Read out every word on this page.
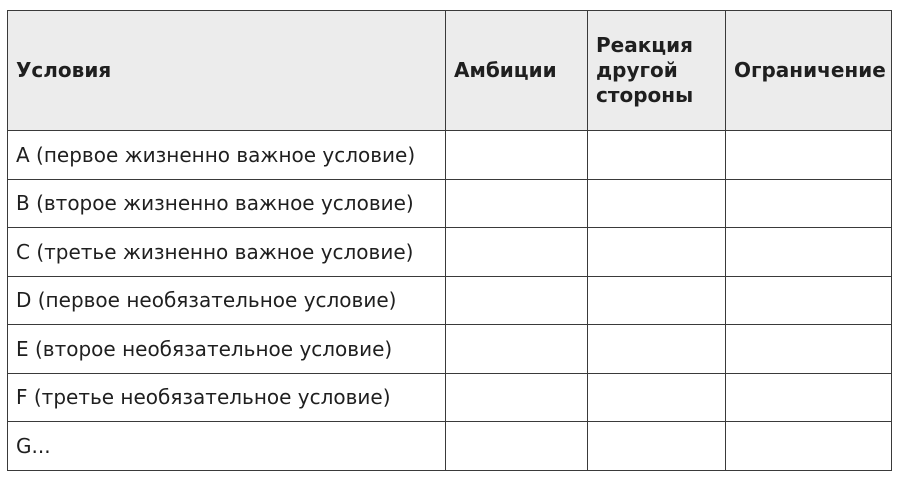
Условия	Амбиции	Реакция другой стороны	Ограничение
A (первое жизненно важное условие)			
B (второе жизненно важное условие)			
C (третье жизненно важное условие)			
D (первое необязательное условие)			
E (второе необязательное условие)			
F (третье необязательное условие)			
G...			
